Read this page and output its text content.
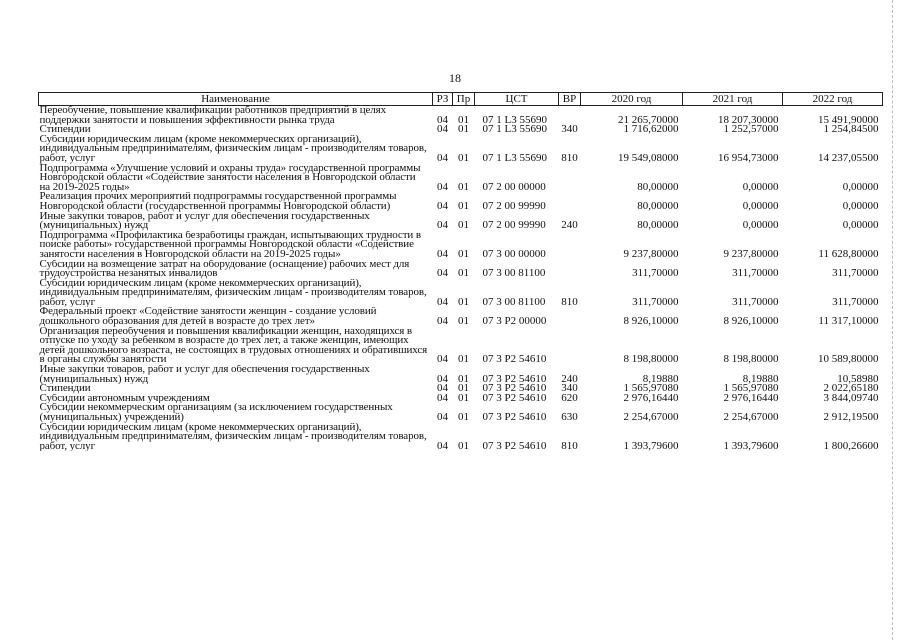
18
Наименование	РЗ	Пр	ЦСТ	ВР	2020 год	2021 год	2022 год
Переобучение, повышение квалификации работников предприятий в целях поддержки занятости и повышения эффективности рынка труда	04	01	07 1 L3 55690		21 265,70000	18 207,30000	15 491,90000
Стипендии	04	01	07 1 L3 55690	340	1 716,62000	1 252,57000	1 254,84500
Субсидии юридическим лицам (кроме некоммерческих организаций), индивидуальным предпринимателям, физическим лицам - производителям товаров, работ, услуг	04	01	07 1 L3 55690	810	19 549,08000	16 954,73000	14 237,05500
Подпрограмма «Улучшение условий и охраны труда» государственной программы Новгородской области «Содействие занятости населения в Новгородской области на 2019-2025 годы»	04	01	07 2 00 00000		80,00000	0,00000	0,00000
Реализация прочих мероприятий подпрограммы государственной программы Новгородской области (государственной программы Новгородской области)	04	01	07 2 00 99990		80,00000	0,00000	0,00000
Иные закупки товаров, работ и услуг для обеспечения государственных (муниципальных) нужд	04	01	07 2 00 99990	240	80,00000	0,00000	0,00000
Подпрограмма «Профилактика безработицы граждан, испытывающих трудности в поиске работы» государственной программы Новгородской области «Содействие занятости населения в Новгородской области на 2019-2025 годы»	04	01	07 3 00 00000		9 237,80000	9 237,80000	11 628,80000
Субсидии на возмещение затрат на оборудование (оснащение) рабочих мест для трудоустройства незанятых инвалидов	04	01	07 3 00 81100		311,70000	311,70000	311,70000
Субсидии юридическим лицам (кроме некоммерческих организаций), индивидуальным предпринимателям, физическим лицам - производителям товаров, работ, услуг	04	01	07 3 00 81100	810	311,70000	311,70000	311,70000
Федеральный проект «Содействие занятости женщин - создание условий дошкольного образования для детей в возрасте до трех лет»	04	01	07 3 P2 00000		8 926,10000	8 926,10000	11 317,10000
Организация переобучения и повышения квалификации женщин, находящихся в отпуске по уходу за ребенком в возрасте до трех лет, а также женщин, имеющих детей дошкольного возраста, не состоящих в трудовых отношениях и обратившихся в органы службы занятости	04	01	07 3 P2 54610		8 198,80000	8 198,80000	10 589,80000
Иные закупки товаров, работ и услуг для обеспечения государственных (муниципальных) нужд	04	01	07 3 P2 54610	240	8,19880	8,19880	10,58980
Стипендии	04	01	07 3 P2 54610	340	1 565,97080	1 565,97080	2 022,65180
Субсидии автономным учреждениям	04	01	07 3 P2 54610	620	2 976,16440	2 976,16440	3 844,09740
Субсидии некоммерческим организациям (за исключением государственных (муниципальных) учреждений)	04	01	07 3 P2 54610	630	2 254,67000	2 254,67000	2 912,19500
Субсидии юридическим лицам (кроме некоммерческих организаций), индивидуальным предпринимателям, физическим лицам - производителям товаров, работ, услуг	04	01	07 3 P2 54610	810	1 393,79600	1 393,79600	1 800,26600
